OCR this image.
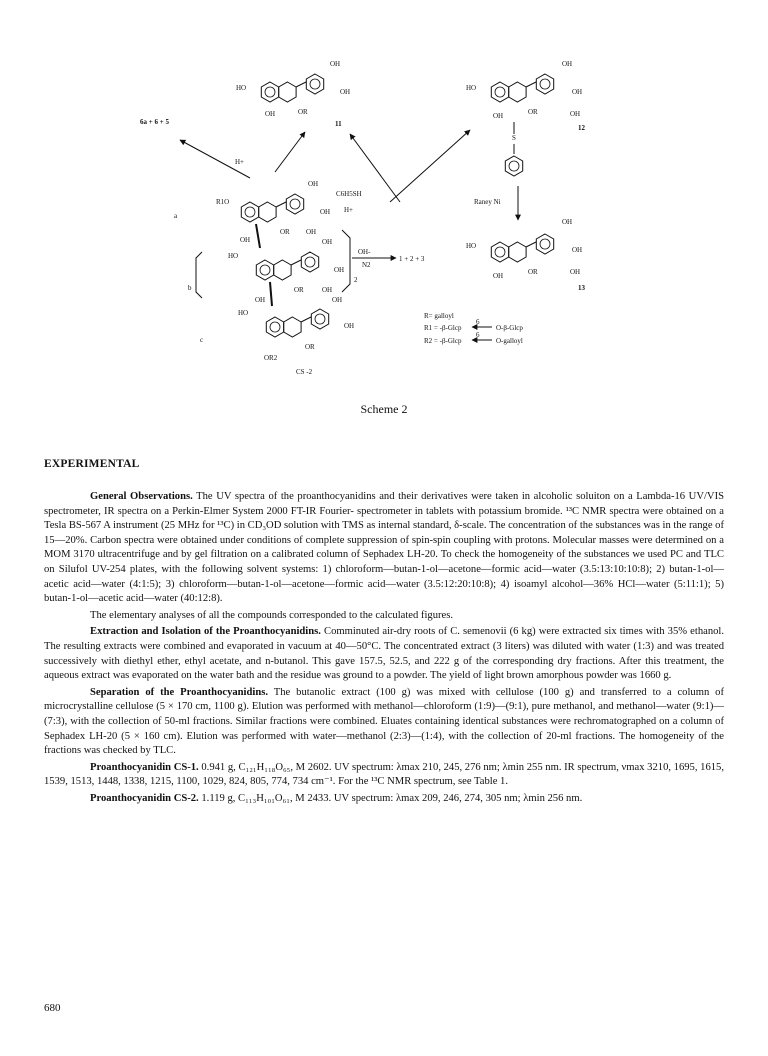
HO
OH
OH
OH	OR
11
HO
OH
OH
OH
OH	OR
S
12
6a + 6 + 5
H+
C6H5SH
H+
Raney Ni
HO
OH
OH
OH
OH	OR
13
R1O
OH
OH
OH
OH
OR
a
HO
OH
OH
OH
OH
OR
b
HO
OH
OH
OR
OR2
c
2
CS -2
OH-
N2
1 + 2 + 3
R= galloyl
R1 = -β-Glcp
6
O-β-Glcp
R2 = -β-Glcp
6
O-galloyl
Scheme 2
EXPERIMENTAL

General Observations. The UV spectra of the proanthocyanidins and their derivatives were taken in alcoholic soluiton on a Lambda-16 UV/VIS spectrometer, IR spectra on a Perkin-Elmer System 2000 FT-IR Fourier- spectrometer in tablets with potassium bromide. ¹³C NMR spectra were obtained on a Tesla BS-567 A instrument (25 MHz for ¹³C) in CD₃OD solution with TMS as internal standard, δ-scale. The concentration of the substances was in the range of 15—20%. Carbon spectra were obtained under conditions of complete suppression of spin-spin coupling with protons. Molecular masses were determined on a MOM 3170 ultracentrifuge and by gel filtration on a calibrated column of Sephadex LH-20. To check the homogeneity of the substances we used PC and TLC on Silufol UV-254 plates, with the following solvent systems: 1) chloroform—butan-1-ol—acetone—formic acid—water (3.5:13:10:10:8); 2) butan-1-ol—acetic acid—water (4:1:5); 3) chloroform—butan-1-ol—acetone—formic acid—water (3.5:12:20:10:8); 4) isoamyl alcohol—36% HCl—water (5:11:1); 5) butan-1-ol—acetic acid—water (40:12:8).

The elementary analyses of all the compounds corresponded to the calculated figures.

Extraction and Isolation of the Proanthocyanidins. Comminuted air-dry roots of C. semenovii (6 kg) were extracted six times with 35% ethanol. The resulting extracts were combined and evaporated in vacuum at 40—50°C. The concentrated extract (3 liters) was diluted with water (1:3) and was treated successively with diethyl ether, ethyl acetate, and n-butanol. This gave 157.5, 52.5, and 222 g of the corresponding dry fractions. After this treatment, the aqueous extract was evaporated on the water bath and the residue was ground to a powder. The yield of light brown amorphous powder was 1660 g.

Separation of the Proanthocyanidins. The butanolic extract (100 g) was mixed with cellulose (100 g) and transferred to a column of microcrystalline cellulose (5 × 170 cm, 1100 g). Elution was performed with methanol—chloroform (1:9)—(9:1), pure methanol, and methanol—water (9:1)—(7:3), with the collection of 50-ml fractions. Similar fractions were combined. Eluates containing identical substances were rechromatographed on a column of Sephadex LH-20 (5 × 160 cm). Elution was performed with water—methanol (2:3)—(1:4), with the collection of 20-ml fractions. The homogeneity of the fractions was checked by TLC.

Proanthocyanidin CS-1. 0.941 g, C₁₂₁H₁₁₈O₆₅, M 2602. UV spectrum: λmax 210, 245, 276 nm; λmin 255 nm. IR spectrum, νmax 3210, 1695, 1615, 1539, 1513, 1448, 1338, 1215, 1100, 1029, 824, 805, 774, 734 cm⁻¹. For the ¹³C NMR spectrum, see Table 1.

Proanthocyanidin CS-2. 1.119 g, C₁₁₃H₁₀₁O₆₁, M 2433. UV spectrum: λmax 209, 246, 274, 305 nm; λmin 256 nm.

680
